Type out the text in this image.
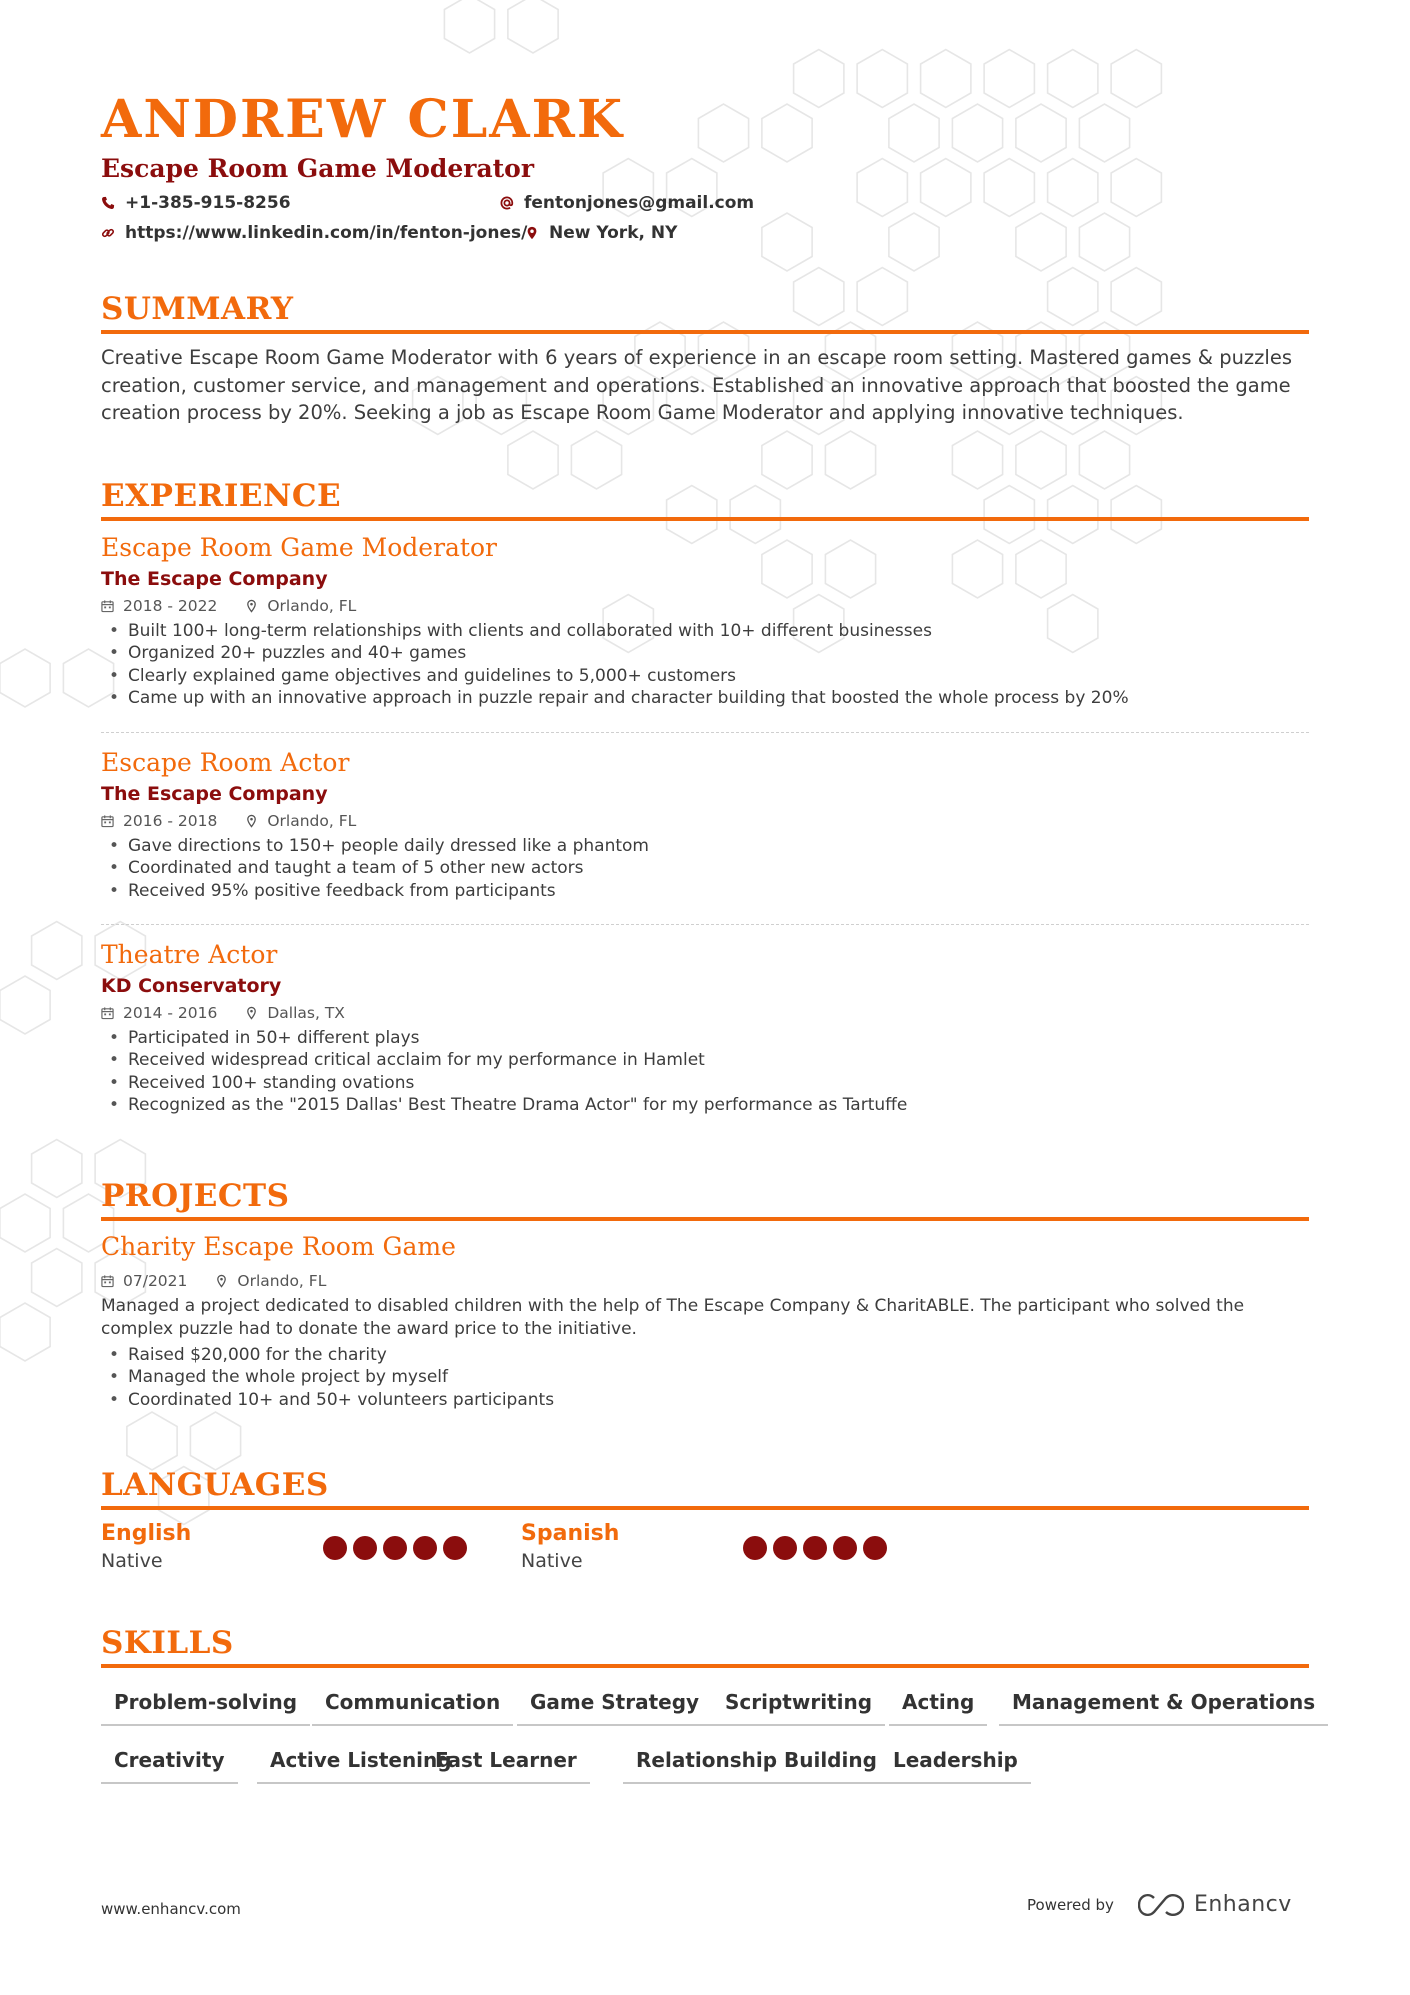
ANDREW CLARK
Escape Room Game Moderator
+1-385-915-8256	fentonjones@gmail.com
https://www.linkedin.com/in/fenton-jones/ New York, NY
SUMMARY
Creative Escape Room Game Moderator with 6 years of experience in an escape room setting. Mastered games & puzzles creation, customer service, and management and operations. Established an innovative approach that boosted the game creation process by 20%. Seeking a job as Escape Room Game Moderator and applying innovative techniques.
EXPERIENCE
Escape Room Game Moderator
The Escape Company
2018 - 2022	Orlando, FL
• Built 100+ long-term relationships with clients and collaborated with 10+ different businesses
• Organized 20+ puzzles and 40+ games
• Clearly explained game objectives and guidelines to 5,000+ customers
• Came up with an innovative approach in puzzle repair and character building that boosted the whole process by 20%
Escape Room Actor
The Escape Company
2016 - 2018	Orlando, FL
• Gave directions to 150+ people daily dressed like a phantom
• Coordinated and taught a team of 5 other new actors
• Received 95% positive feedback from participants
Theatre Actor
KD Conservatory
2014 - 2016	Dallas, TX
• Participated in 50+ different plays
• Received widespread critical acclaim for my performance in Hamlet
• Received 100+ standing ovations
• Recognized as the "2015 Dallas' Best Theatre Drama Actor" for my performance as Tartuffe
PROJECTS
Charity Escape Room Game
07/2021	Orlando, FL
Managed a project dedicated to disabled children with the help of The Escape Company & CharitABLE. The participant who solved the complex puzzle had to donate the award price to the initiative.
• Raised $20,000 for the charity
• Managed the whole project by myself
• Coordinated 10+ and 50+ volunteers participants
LANGUAGES
English
Native
Spanish
Native
SKILLS
Problem-solving	Communication	Game Strategy	Scriptwriting	Acting	Management & Operations
Creativity	Active Listening
Fast Learner	Relationship Building Leadership
www.enhancv.com	Powered by	Enhancv
